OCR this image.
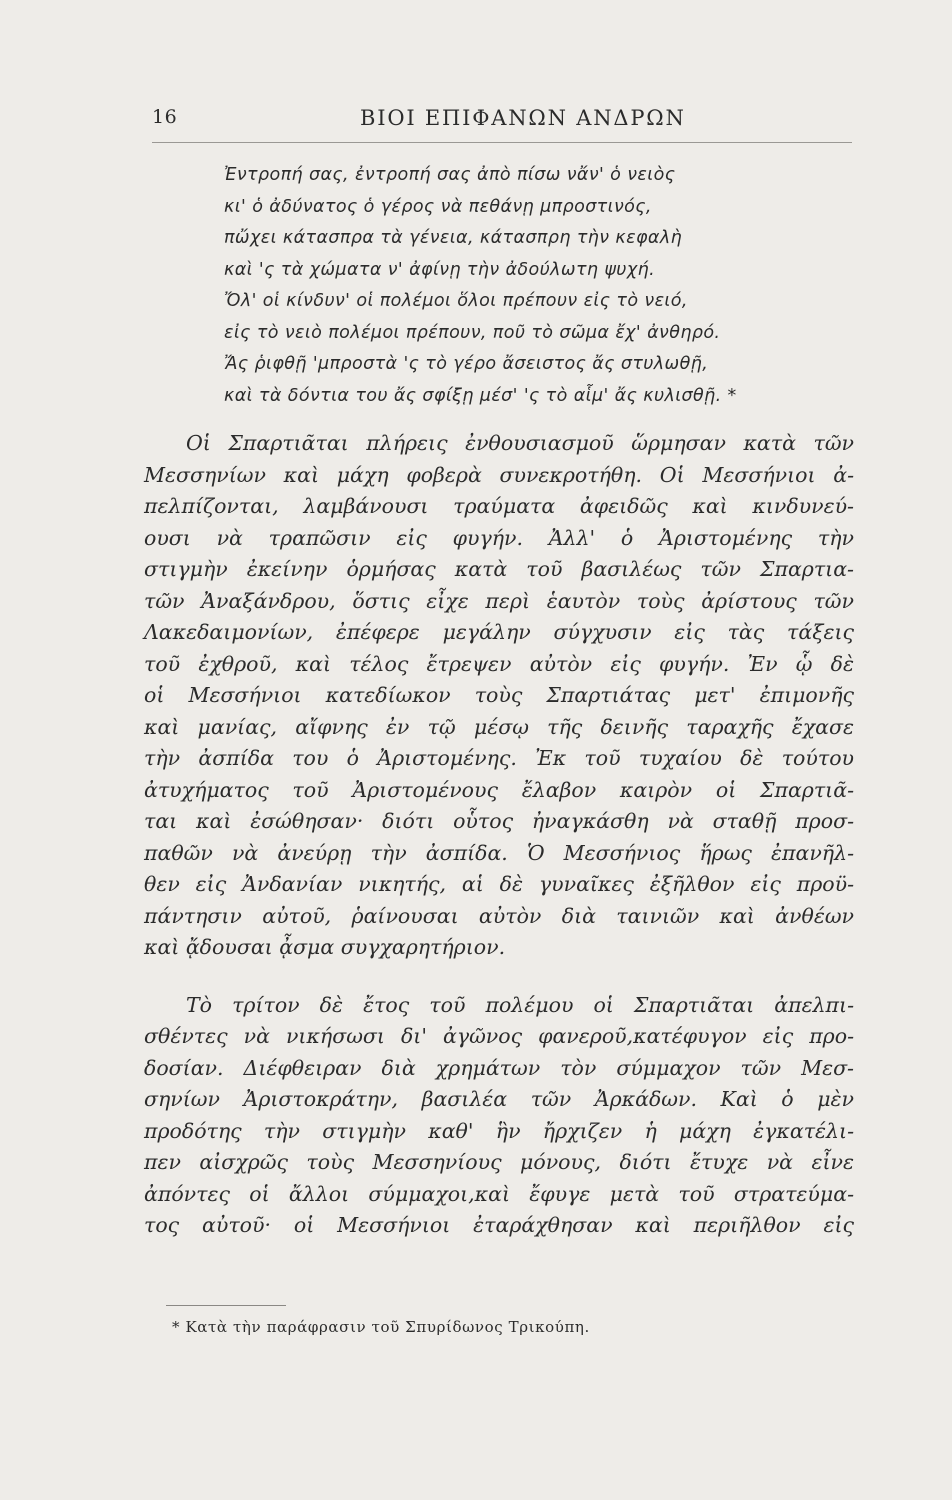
16	ΒΙΟΙ ΕΠΙΦΑΝΩΝ ΑΝΔΡΩΝ
Ἐντροπή σας, ἐντροπή σας ἀπὸ πίσω νἄν' ὁ νειὸς
κι' ὁ ἀδύνατος ὁ γέρος νὰ πεθάνῃ μπροστινός,
πὤχει κάτασπρα τὰ γένεια, κάτασπρη τὴν κεφαλὴ
καὶ 'ς τὰ χώματα ν' ἀφίνῃ τὴν ἀδούλωτη ψυχή.
Ὄλ' οἱ κίνδυν' οἱ πολέμοι ὅλοι πρέπουν εἰς τὸ νειό,
εἰς τὸ νειὸ πολέμοι πρέπουν, ποῦ τὸ σῶμα ἔχ' ἀνθηρό.
Ἄς ῥιφθῇ 'μπροστὰ 'ς τὸ γέρο ἄσειστος ἄς στυλωθῇ,
καὶ τὰ δόντια του ἄς σφίξῃ μέσ' 'ς τὸ αἷμ' ἄς κυλισθῇ. *
Οἱ Σπαρτιᾶται πλήρεις ἐνθουσιασμοῦ ὥρμησαν κατὰ τῶν
Μεσσηνίων καὶ μάχη φοβερὰ συνεκροτήθη. Οἱ Μεσσήνιοι ἀ-
πελπίζονται, λαμβάνουσι τραύματα ἀφειδῶς καὶ κινδυνεύ-
ουσι νὰ τραπῶσιν εἰς φυγήν. Ἀλλ' ὁ Ἀριστομένης τὴν
στιγμὴν ἐκείνην ὁρμήσας κατὰ τοῦ βασιλέως τῶν Σπαρτια-
τῶν Ἀναξάνδρου, ὅστις εἶχε περὶ ἑαυτὸν τοὺς ἀρίστους τῶν
Λακεδαιμονίων, ἐπέφερε μεγάλην σύγχυσιν εἰς τὰς τάξεις
τοῦ ἐχθροῦ, καὶ τέλος ἔτρεψεν αὐτὸν εἰς φυγήν. Ἐν ᾧ δὲ
οἱ Μεσσήνιοι κατεδίωκον τοὺς Σπαρτιάτας μετ' ἐπιμονῆς
καὶ μανίας, αἴφνης ἐν τῷ μέσῳ τῆς δεινῆς ταραχῆς ἔχασε
τὴν ἀσπίδα του ὁ Ἀριστομένης. Ἐκ τοῦ τυχαίου δὲ τούτου
ἀτυχήματος τοῦ Ἀριστομένους ἔλαβον καιρὸν οἱ Σπαρτιᾶ-
ται καὶ ἐσώθησαν· διότι οὗτος ἠναγκάσθη νὰ σταθῇ προσ-
παθῶν νὰ ἀνεύρῃ τὴν ἀσπίδα. Ὁ Μεσσήνιος ἥρως ἐπανῆλ-
θεν εἰς Ἀνδανίαν νικητής, αἱ δὲ γυναῖκες ἐξῆλθον εἰς προϋ-
πάντησιν αὐτοῦ, ῥαίνουσαι αὐτὸν διὰ ταινιῶν καὶ ἀνθέων
καὶ ᾄδουσαι ᾆσμα συγχαρητήριον.
Τὸ τρίτον δὲ ἔτος τοῦ πολέμου οἱ Σπαρτιᾶται ἀπελπι-
σθέντες νὰ νικήσωσι δι' ἀγῶνος φανεροῦ,κατέφυγον εἰς προ-
δοσίαν. Διέφθειραν διὰ χρημάτων τὸν σύμμαχον τῶν Μεσ-
σηνίων Ἀριστοκράτην, βασιλέα τῶν Ἀρκάδων. Καὶ ὁ μὲν
προδότης τὴν στιγμὴν καθ' ἣν ἤρχιζεν ἡ μάχη ἐγκατέλι-
πεν αἰσχρῶς τοὺς Μεσσηνίους μόνους, διότι ἔτυχε νὰ εἶνε
ἀπόντες οἱ ἄλλοι σύμμαχοι,καὶ ἔφυγε μετὰ τοῦ στρατεύμα-
τος αὐτοῦ· οἱ Μεσσήνιοι ἐταράχθησαν καὶ περιῆλθον εἰς
* Κατὰ τὴν παράφρασιν τοῦ Σπυρίδωνος Τρικούπη.
